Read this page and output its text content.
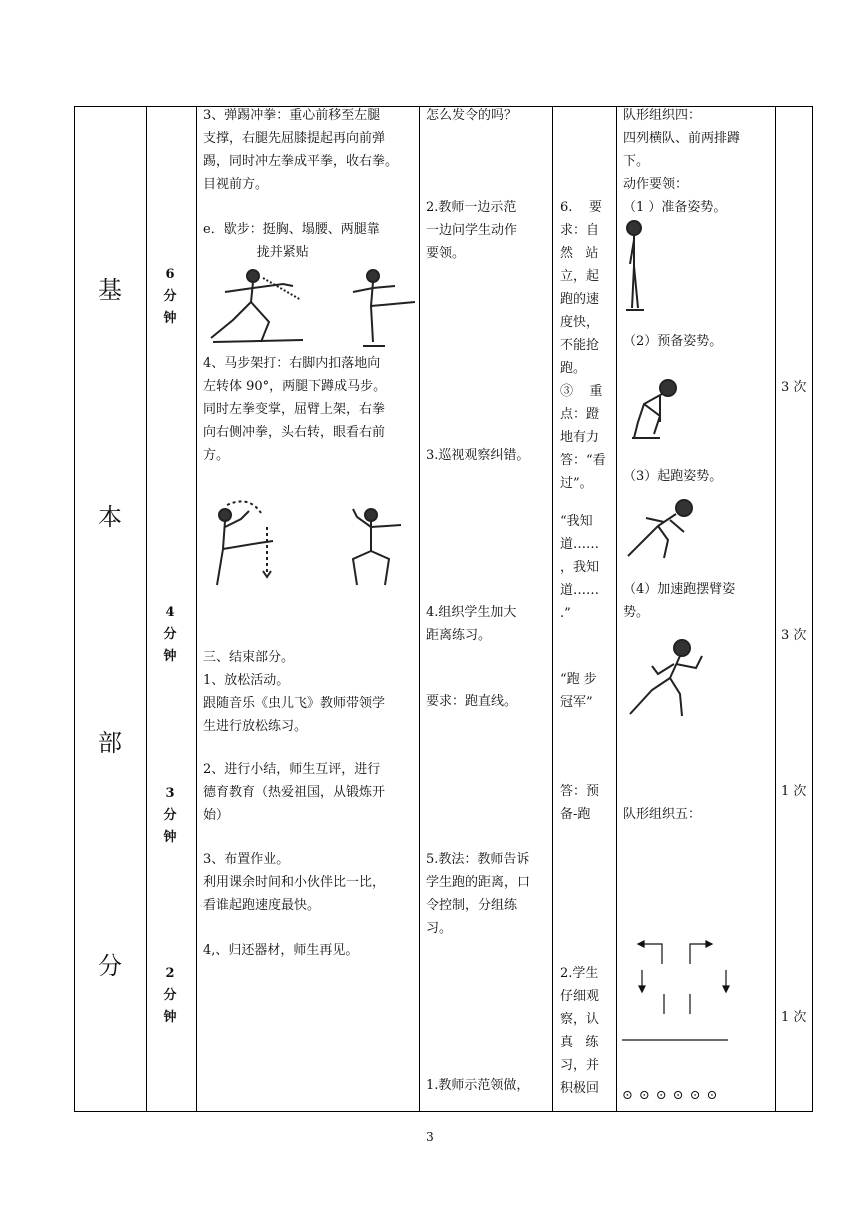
基
本
部
分
6
分
钟
4
分
钟
3
分
钟
2
分
钟
3、弹踢冲拳：重心前移至左腿
支撑，右腿先屈膝提起再向前弹
踢，同时冲左拳成平拳，收右拳。
目视前方。
e．歇步：挺胸、塌腰、两腿靠
拢并紧贴
4、马步架打：右脚内扣落地向
左转体 90°，两腿下蹲成马步。
同时左拳变掌，屈臂上架，右拳
向右侧冲拳，头右转，眼看右前
方。
三、结束部分。
1、放松活动。
跟随音乐《虫儿飞》教师带领学
生进行放松练习。
2、进行小结，师生互评，进行
德育教育（热爱祖国，从锻炼开
始）
3、布置作业。
利用课余时间和小伙伴比一比，
看谁起跑速度最快。
4,、归还器材，师生再见。
怎么发令的吗？
2.教师一边示范
一边问学生动作
要领。
3.巡视观察纠错。
4.组织学生加大
距离练习。
要求：跑直线。
5.教法：教师告诉
学生跑的距离，口
令控制，分组练
习。
1.教师示范领做，
6.    要
求：自
然   站
立，起
跑的速
度快，
不能抢
跑。
③    重
点：蹬
地有力
答：“看
过”。
“我知
道……
，我知
道……
.”
“跑 步
冠军”
答：预
备-跑
2.学生
仔细观
察，认
真   练
习，并
积极回
队形组织四：
四列横队、前两排蹲
下。
动作要领：
（1 ）准备姿势。
（2）预备姿势。
（3）起跑姿势。
（4）加速跑摆臂姿
势。
队形组织五：
⊙⊙⊙⊙⊙⊙
3 次
3 次
1 次
1 次
3
